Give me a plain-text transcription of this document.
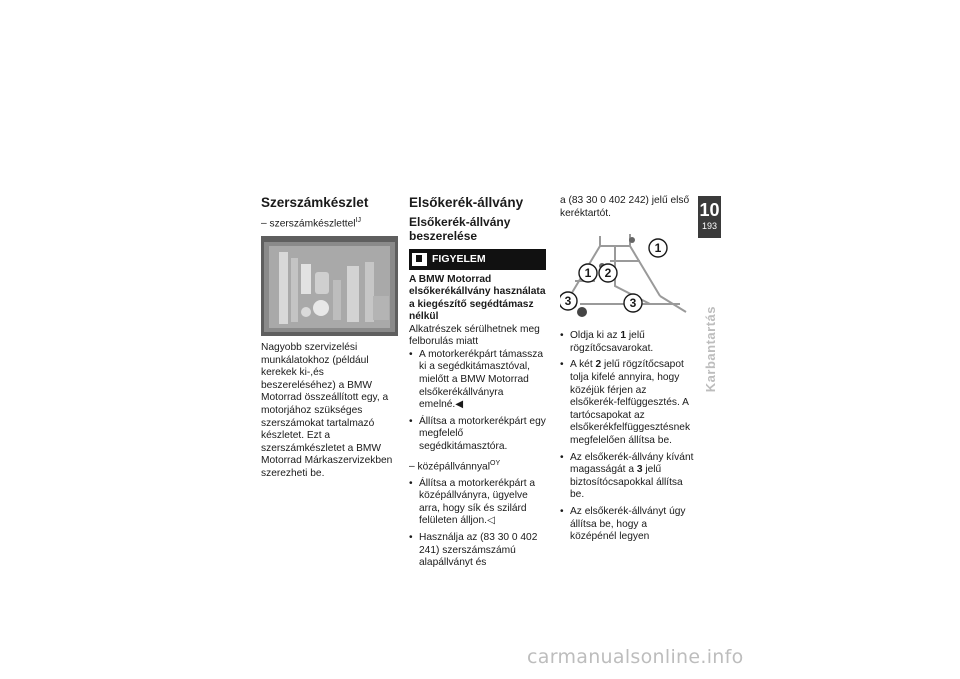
Szerszámkészlet

– szerszámkészlettel$^{IJ}$

Nagyobb szervizelési munkálatokhoz (például kerekek ki-,és beszereléséhez) a BMW Motorrad összeállított egy, a motorjához szükséges szerszámokat tartalmazó készletet. Ezt a szerszámkészletet a BMW Motorrad Márkaszervizekben szerezheti be.

Elsőkerék-állvány
Elsőkerék-állvány beszerelése
FIGYELEM

A BMW Motorrad elsőkerékállvány használata a kiegészítő segédtámasz nélkül

Alkatrészek sérülhetnek meg felborulás miatt

• A motorkerékpárt támassza ki a segédkitámasztóval, mielőtt a BMW Motorrad elsőkerékállványra emelné.◀
• Állítsa a motorkerékpárt egy megfelelő segédkitámasztóra.

– középállvánnyal$^{OY}$

• Állítsa a motorkerékpárt a középállványra, ügyelve arra, hogy sík és szilárd felületen álljon.◁
• Használja az (83 30 0 402 241) szerszámszámú alapállványt és

a (83 30 0 402 242) jelű első keréktartót.

1
1 2
3	3
• Oldja ki az 1 jelű rögzítőcsavarokat.
• A két 2 jelű rögzítőcsapot tolja kifelé annyira, hogy közéjük férjen az elsőkerék-felfüggesztés. A tartócsapokat az elsőkerékfelfüggesztésnek megfelelően állítsa be.
• Az elsőkerék-állvány kívánt magasságát a 3 jelű biztosítócsapokkal állítsa be.
• Az elsőkerék-állványt úgy állítsa be, hogy a középénél legyen
10
193
Karbantartás
carmanualsonline.info
